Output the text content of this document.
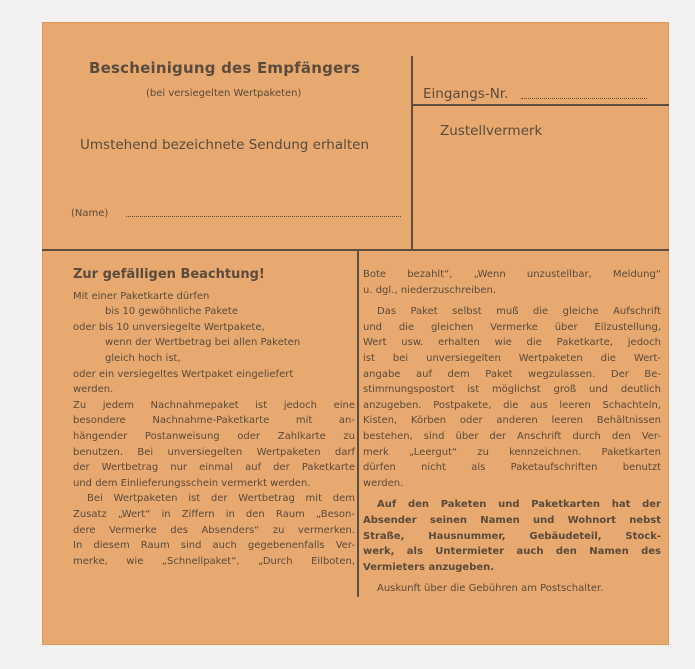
Bescheinigung des Empfängers
(bei versiegelten Wertpaketen)
Umstehend bezeichnete Sendung erhalten
(Name)
Eingangs-Nr.
Zustellvermerk

Zur gefälligen Beachtung!

Mit einer Paketkarte dürfen

bis 10 gewöhnliche Pakete

oder bis 10 unversiegelte Wertpakete,

wenn der Wertbetrag bei allen Paketen

gleich hoch ist,

oder ein versiegeltes Wertpaket eingeliefert

werden.

Zu jedem Nachnahmepaket ist jedoch eine

besondere Nachnahme-Paketkarte mit an-

hängender Postanweisung oder Zahlkarte zu

benutzen. Bei unversiegelten Wertpaketen darf

der Wertbetrag nur einmal auf der Paketkarte

und dem Einlieferungsschein vermerkt werden.

Bei Wertpaketen ist der Wertbetrag mit dem

Zusatz „Wert“ in Ziffern in den Raum „Beson-

dere Vermerke des Absenders“ zu vermerken.

In diesem Raum sind auch gegebenenfalls Ver-

merke, wie „Schnellpaket“, „Durch Eilboten,

Bote bezahlt“, „Wenn unzustellbar, Meldung“

u. dgl., niederzuschreiben.

Das Paket selbst muß die gleiche Aufschrift

und die gleichen Vermerke über Eilzustellung,

Wert usw. erhalten wie die Paketkarte, jedoch

ist bei unversiegelten Wertpaketen die Wert-

angabe auf dem Paket wegzulassen. Der Be-

stimmungspostort ist möglichst groß und deutlich

anzugeben. Postpakete, die aus leeren Schachteln,

Kisten, Körben oder anderen leeren Behältnissen

bestehen, sind über der Anschrift durch den Ver-

merk „Leergut“ zu kennzeichnen. Paketkarten

dürfen nicht als Paketaufschriften benutzt

werden.

Auf den Paketen und Paketkarten hat der

Absender seinen Namen und Wohnort nebst

Straße, Hausnummer, Gebäudeteil, Stock-

werk, als Untermieter auch den Namen des

Vermieters anzugeben.

Auskunft über die Gebühren am Postschalter.
